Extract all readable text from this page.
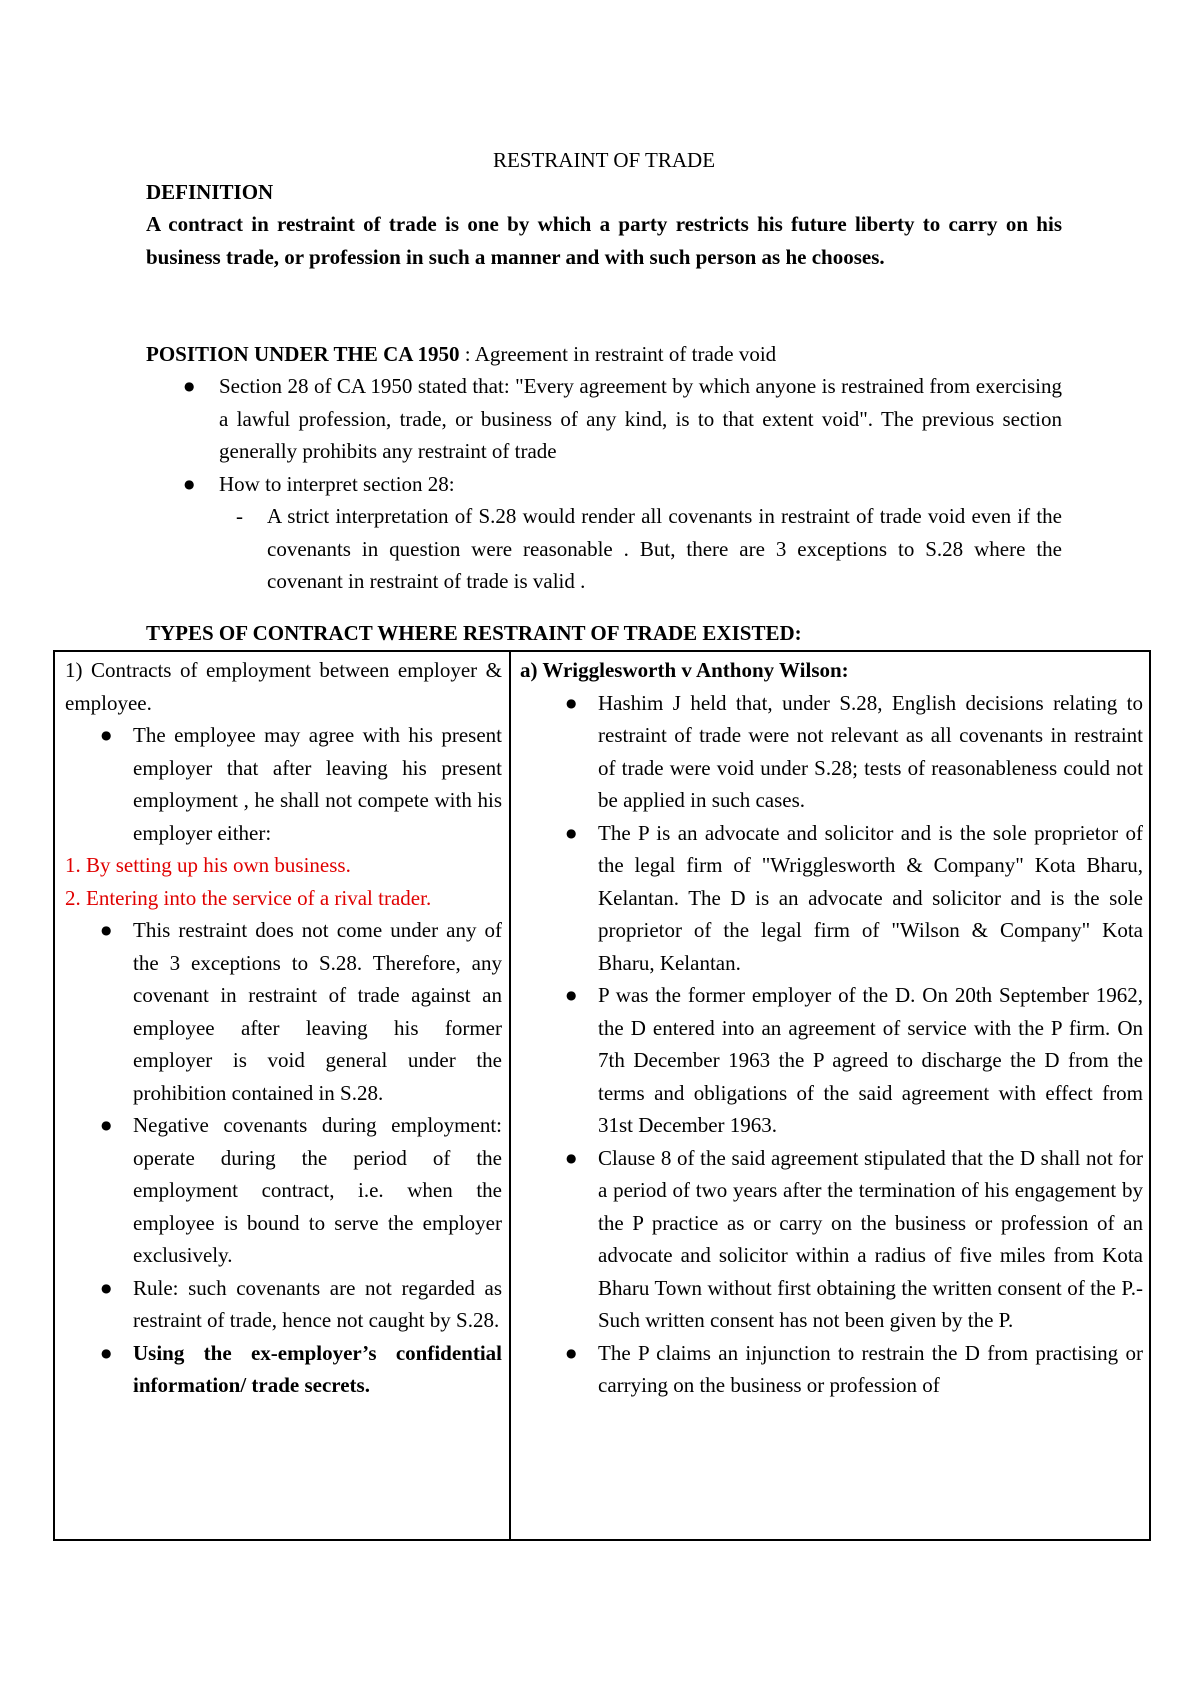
RESTRAINT OF TRADE
DEFINITION
A contract in restraint of trade is one by which a party restricts his future liberty to carry on his business trade, or profession in such a manner and with such person as he chooses.
POSITION UNDER THE CA 1950 : Agreement in restraint of trade void
● Section 28 of CA 1950 stated that: "Every agreement by which anyone is restrained from exercising a lawful profession, trade, or business of any kind, is to that extent void". The previous section generally prohibits any restraint of trade
● How to interpret section 28:
- A strict interpretation of S.28 would render all covenants in restraint of trade void even if the covenants in question were reasonable . But, there are 3 exceptions to S.28 where the covenant in restraint of trade is valid .
TYPES OF CONTRACT WHERE RESTRAINT OF TRADE EXISTED:
1) Contracts of employment between employer & employee.
● The employee may agree with his present employer that after leaving his present employment , he shall not compete with his employer either:
1. By setting up his own business.
2. Entering into the service of a rival trader.
● This restraint does not come under any of the 3 exceptions to S.28. Therefore, any covenant in restraint of trade against an employee after leaving his former employer is void general under the prohibition contained in S.28.
● Negative covenants during employment: operate during the period of the employment contract, i.e. when the employee is bound to serve the employer exclusively.
● Rule: such covenants are not regarded as restraint of trade, hence not caught by S.28.
● Using the ex-employer’s confidential information/ trade secrets.
a) Wrigglesworth v Anthony Wilson:
● Hashim J held that, under S.28, English decisions relating to restraint of trade were not relevant as all covenants in restraint of trade were void under S.28; tests of reasonableness could not be applied in such cases.
● The P is an advocate and solicitor and is the sole proprietor of the legal firm of "Wrigglesworth & Company" Kota Bharu, Kelantan. The D is an advocate and solicitor and is the sole proprietor of the legal firm of "Wilson & Company" Kota Bharu, Kelantan.
● P was the former employer of the D. On 20th September 1962, the D entered into an agreement of service with the P firm. On 7th December 1963 the P agreed to discharge the D from the terms and obligations of the said agreement with effect from 31st December 1963.
● Clause 8 of the said agreement stipulated that the D shall not for a period of two years after the termination of his engagement by the P practice as or carry on the business or profession of an advocate and solicitor within a radius of five miles from Kota Bharu Town without first obtaining the written consent of the P.- Such written consent has not been given by the P.
● The P claims an injunction to restrain the D from practising or carrying on the business or profession of
